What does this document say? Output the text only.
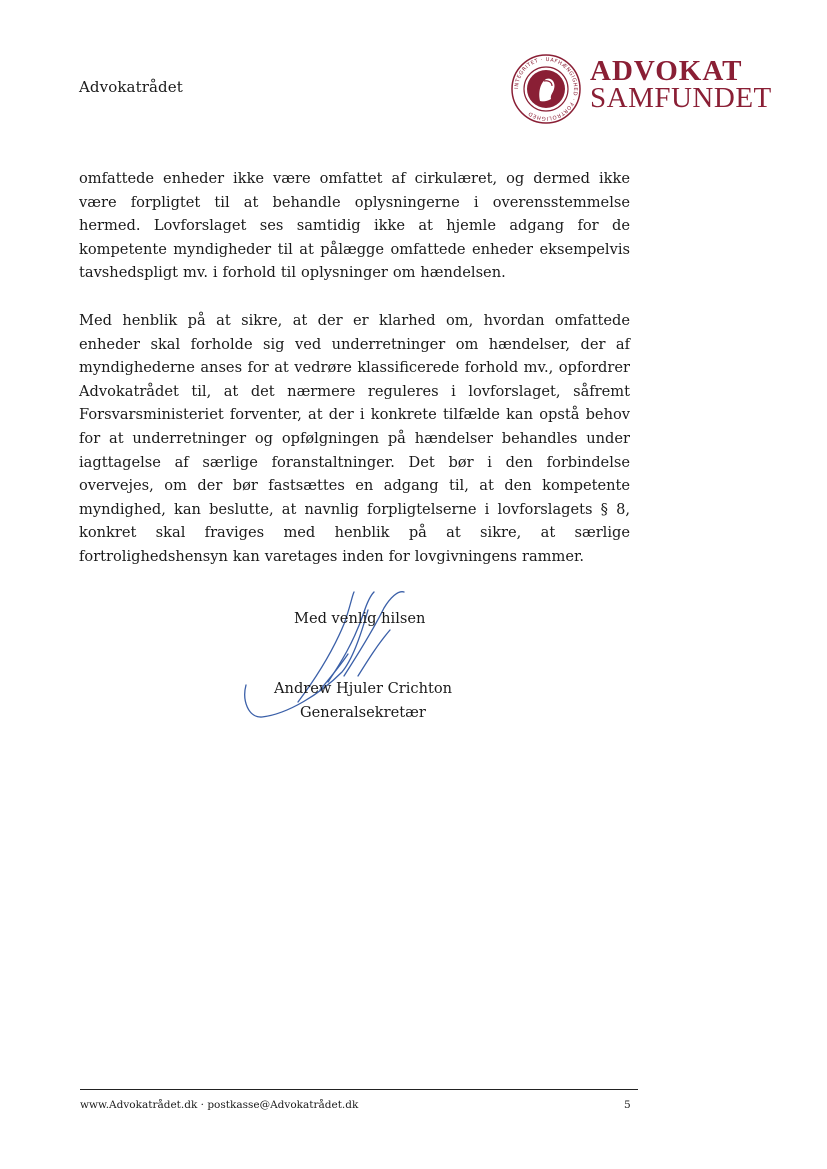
Advokatrådet	INTEGRITET · UAFHÆNGIGHED · FORTROLIGHED
ADVOKAT
SAMFUNDET

omfattede enheder ikke være omfattet af cirkulæret, og dermed ikke være forpligtet til at behandle oplysningerne i overensstemmelse hermed. Lovforslaget ses samtidig ikke at hjemle adgang for de kompetente myndigheder til at pålægge omfattede enheder eksempelvis tavshedspligt mv. i forhold til oplysninger om hændelsen.

Med henblik på at sikre, at der er klarhed om, hvordan omfattede enheder skal forholde sig ved underretninger om hændelser, der af myndighederne anses for at vedrøre klassificerede forhold mv., opfordrer Advokatrådet til, at det nærmere reguleres i lovforslaget, såfremt Forsvarsministeriet forventer, at der i konkrete tilfælde kan opstå behov for at underretninger og opfølgningen på hændelser behandles under iagttagelse af særlige foranstaltninger. Det bør i den forbindelse overvejes, om der bør fastsættes en adgang til, at den kompetente myndighed, kan beslutte, at navnlig forpligtelserne i lovforslagets § 8, konkret skal fraviges med henblik på at sikre, at særlige fortrolighedshensyn kan varetages inden for lovgivningens rammer.

Med venlig hilsen
Andrew Hjuler Crichton
Generalsekretær
www.Advokatrådet.dk · postkasse@Advokatrådet.dk	5
